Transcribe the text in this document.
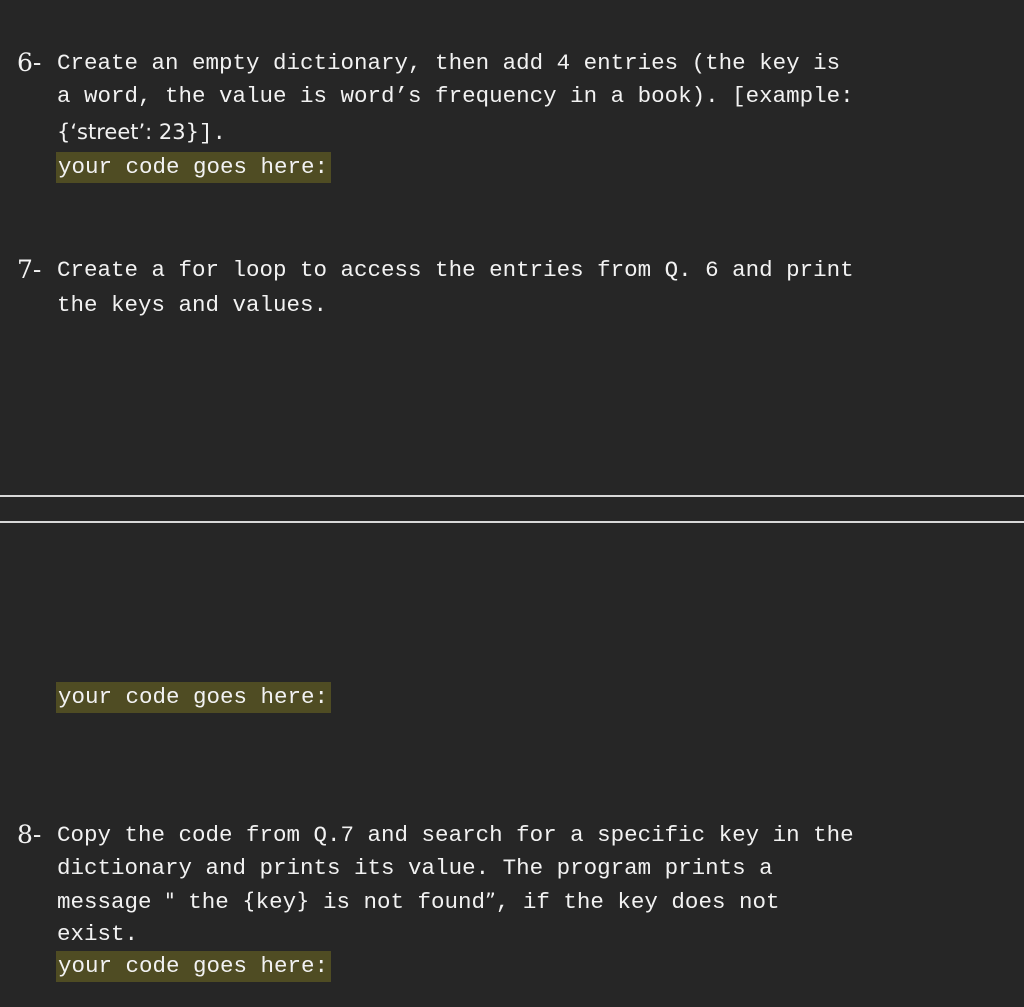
6- Create an empty dictionary, then add 4 entries (the key is
a word, the value is word’s frequency in a book). [example:
{‘street’: 23}].
your code goes here:
7- Create a for loop to access the entries from Q. 6 and print
the keys and values.
your code goes here:
8- Copy the code from Q.7 and search for a specific key in the
dictionary and prints its value. The program prints a
message " the {key} is not found”, if the key does not
exist.
your code goes here:
